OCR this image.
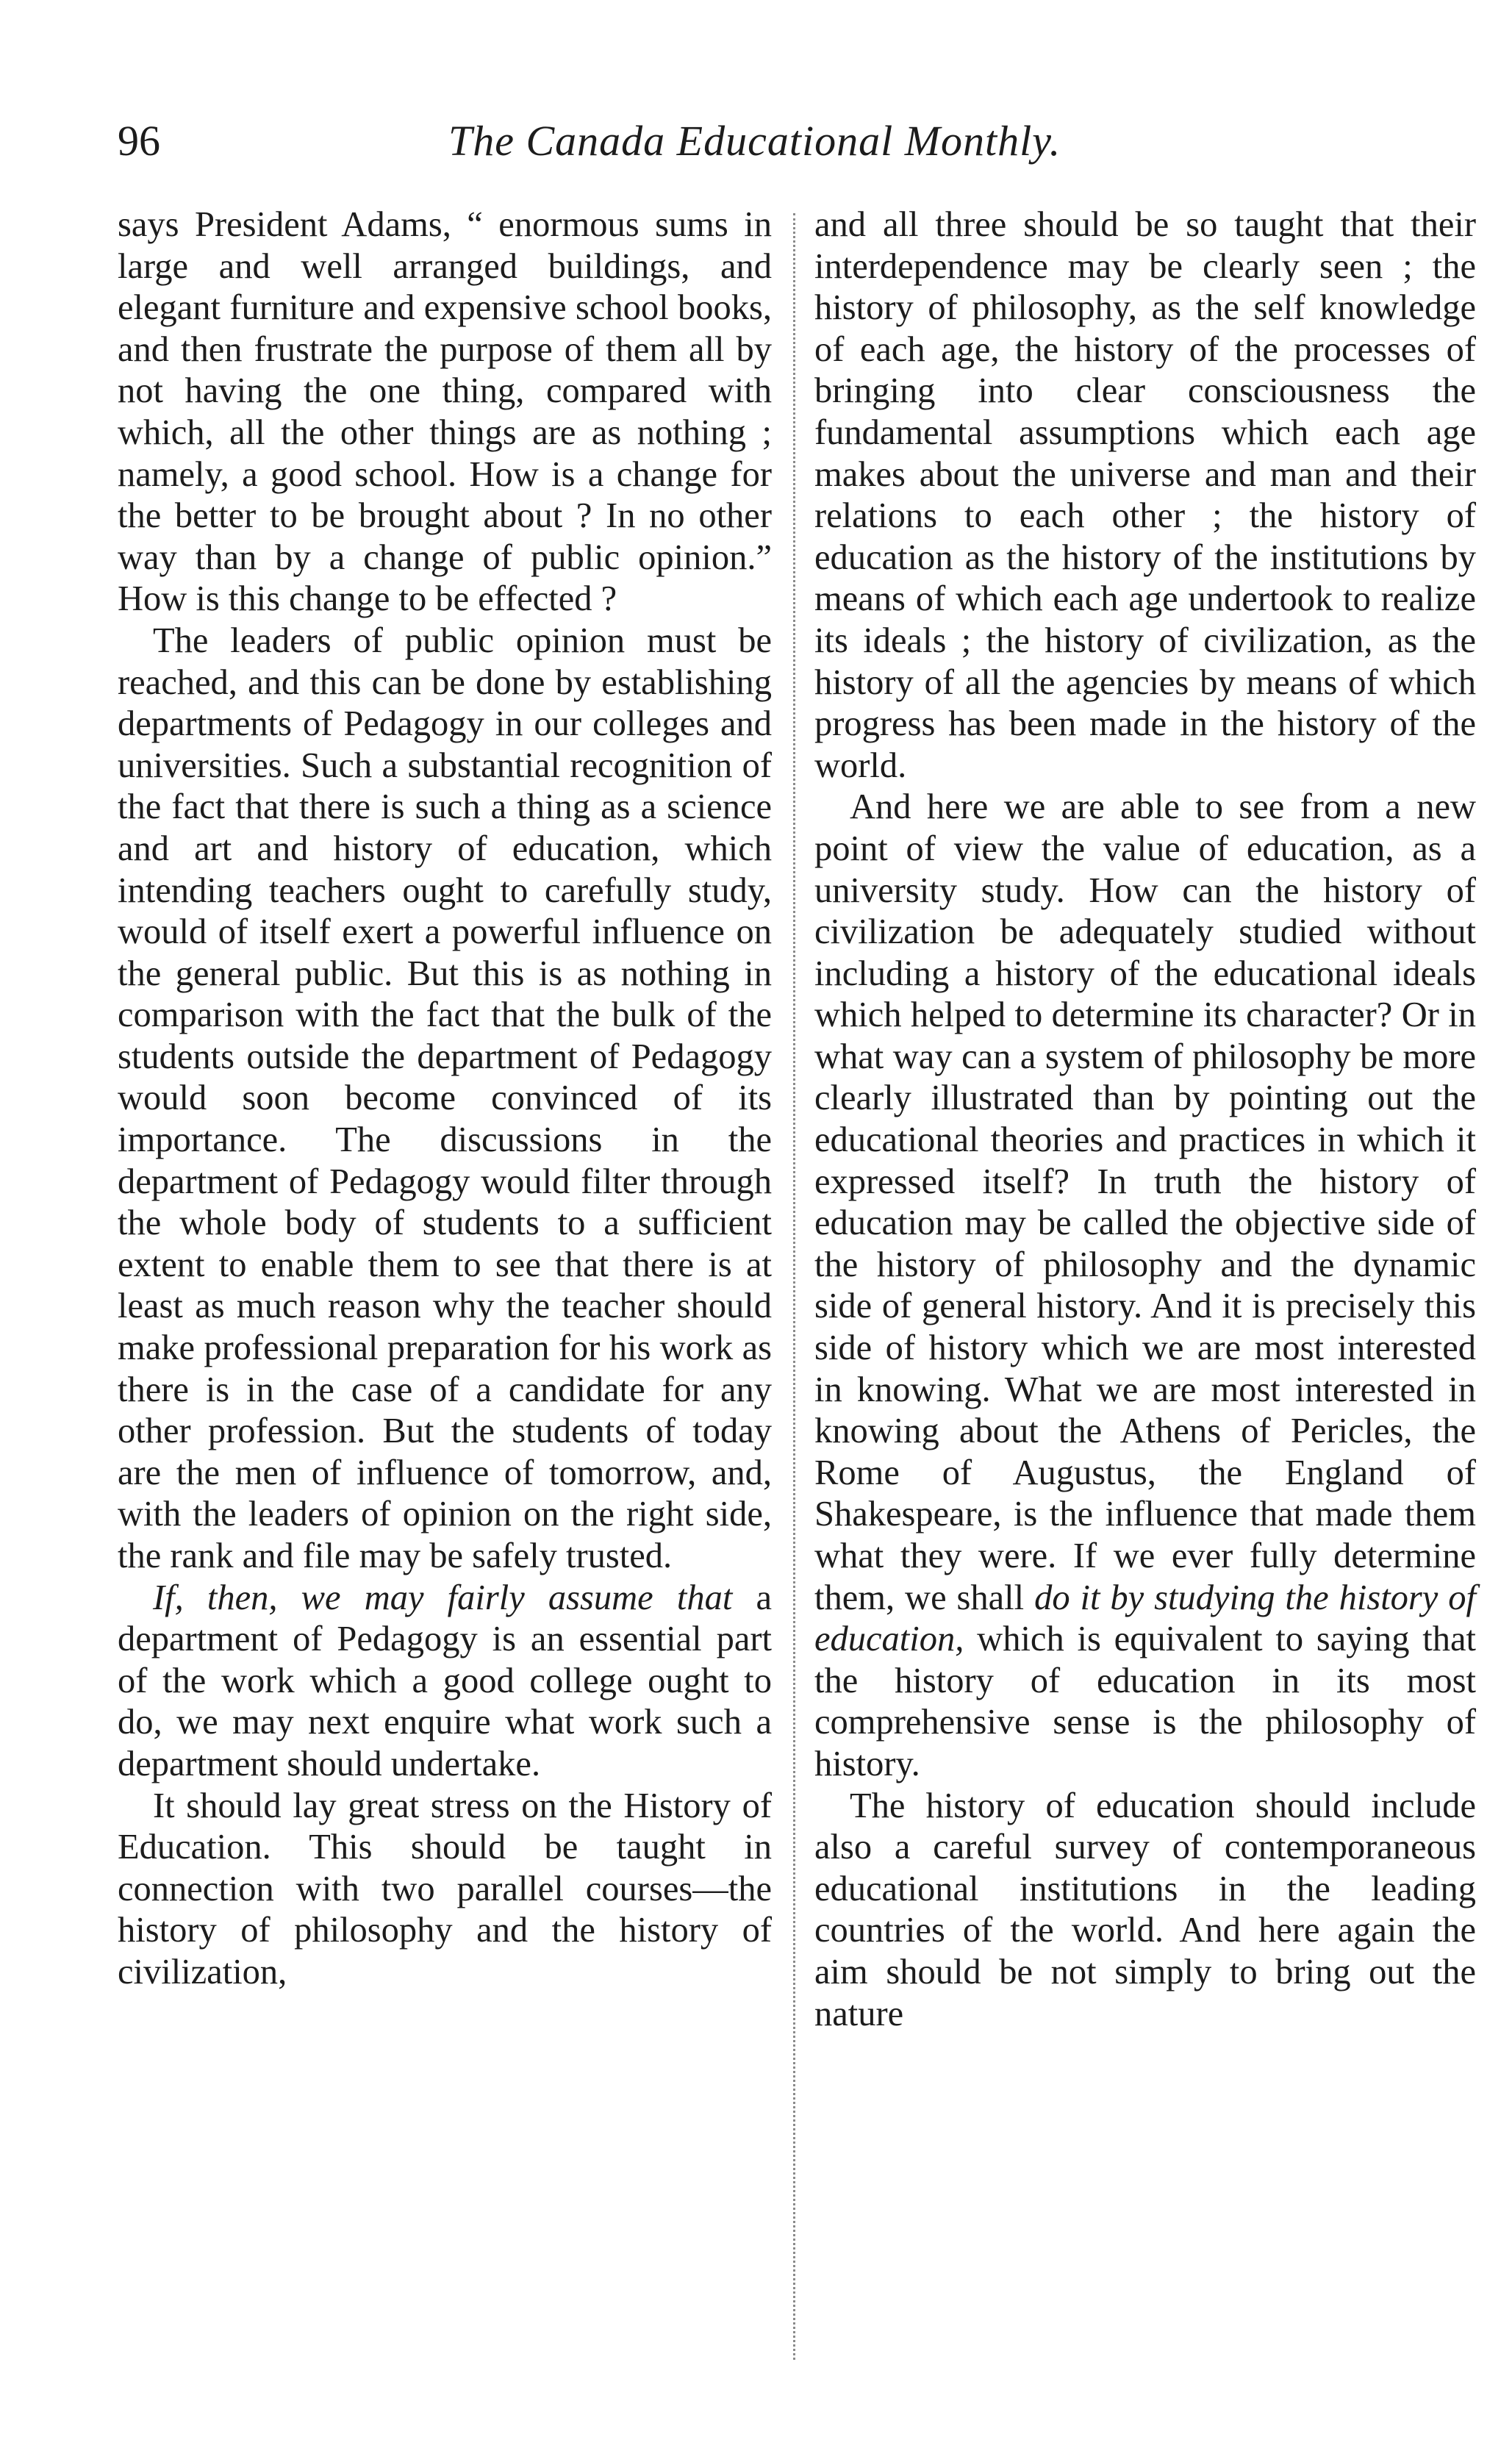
96	The Canada Educational Monthly.

says President Adams, “ enormous sums in large and well arranged buildings, and elegant furniture and expensive school books, and then frustrate the purpose of them all by not having the one thing, compared with which, all the other things are as nothing ; namely, a good school. How is a change for the better to be brought about ? In no other way than by a change of public opinion.” How is this change to be effected ?

The leaders of public opinion must be reached, and this can be done by establishing departments of Pedagogy in our colleges and universities. Such a substantial recognition of the fact that there is such a thing as a science and art and history of education, which intending teachers ought to carefully study, would of itself exert a powerful influence on the general public. But this is as nothing in comparison with the fact that the bulk of the students outside the department of Pedagogy would soon become convinced of its importance. The discussions in the department of Pedagogy would filter through the whole body of students to a sufficient extent to enable them to see that there is at least as much reason why the teacher should make professional preparation for his work as there is in the case of a candidate for any other profession. But the students of today are the men of influence of tomorrow, and, with the leaders of opinion on the right side, the rank and file may be safely trusted.

If, then, we may fairly assume that a department of Pedagogy is an essential part of the work which a good college ought to do, we may next enquire what work such a department should undertake.

It should lay great stress on the History of Education. This should be taught in connection with two parallel courses—the history of philosophy and the history of civilization,

and all three should be so taught that their interdependence may be clearly seen ; the history of philosophy, as the self knowledge of each age, the history of the processes of bringing into clear consciousness the fundamental assumptions which each age makes about the universe and man and their relations to each other ; the history of education as the history of the institutions by means of which each age undertook to realize its ideals ; the history of civilization, as the history of all the agencies by means of which progress has been made in the history of the world.

And here we are able to see from a new point of view the value of education, as a university study. How can the history of civilization be adequately studied without including a history of the educational ideals which helped to determine its character? Or in what way can a system of philosophy be more clearly illustrated than by pointing out the educational theories and practices in which it expressed itself? In truth the history of education may be called the objective side of the history of philosophy and the dynamic side of general history. And it is precisely this side of history which we are most interested in knowing. What we are most interested in knowing about the Athens of Pericles, the Rome of Augustus, the England of Shakespeare, is the influence that made them what they were. If we ever fully determine them, we shall do it by studying the history of education, which is equivalent to saying that the history of education in its most comprehensive sense is the philosophy of history.

The history of education should include also a careful survey of contemporaneous educational institutions in the leading countries of the world. And here again the aim should be not simply to bring out the nature
